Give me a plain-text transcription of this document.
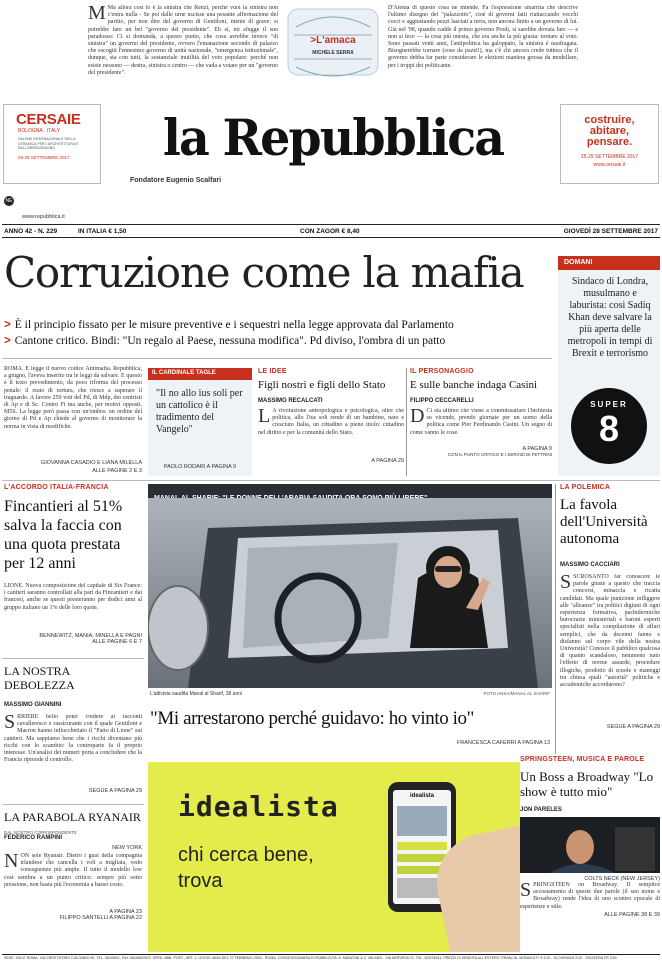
M Ma allora cosí lo è la sinistra che Renzi, perché vuoi la sinistra non c'entra nulla - Se poi dalle urne uscisse una pesante affermazione del partito, per non dire del governo di Gentiloni, niente di grave: si potrebbe fare un bel "governo del presidente". Eh sí, mi sfugge il suo paradosso: Ci si domanda, a questo punto, che cosa avrebbe invece "di sinistra" un governo del presidente, ovvero l'emanazione secondo di palazzo che escogiti l'ennesimo governo di unità nazionale, "emergenza istituzionale", dunque, sta con tutti, la sostanziale inutilità del voto popolare: perché non esiste nessuno — destra, sinistra o centro — che vada a votare per un "governo del presidente".
>L'amaca
MICHELE SERRA
D'Alema di questo cosa ne intende. Fa l'espressione smarrita che descrive l'ultimo disegno dei "palazzotto", cioè di governi fatti riattaccando vecchi cocci e aggiustando pezzi lasciati a terra, non ancora finito a un governo di lui. Già nel '98, quando cadde il primo governo Prodi, si sarebbe dovuta fare — e non si fece — la cosa più onesta, che era anche la più giusta: tornare al voto. Sono passati venti anni, l'antipolitica ha galoppato, la sinistra è naufragata. Bisognerebbe tornare (cose da pazzi!), ma c'è chi ancora crede tuttora che il governo debba far parte considerare le elezioni maniera grossa da modellare, per i troppi dei politicante.
CERSAIE
BOLOGNA · ITALY
SALONE INTERNAZIONALE DELLA CERAMICA PER L'ARCHITETTURA E DELL'ARREDOBAGNO
25-29 SETTEMBRE 2017	la Repubblica
Fondatore Eugenio Scalfari
NE
costruire,
abitare,
pensare.
25-29 SETTEMBRE 2017
www.cersaie.it
www.repubblica.it
ANNO 42 - N. 229	IN ITALIA € 1,50	CON ZAGOR € 8,40	GIOVEDÌ 28 SETTEMBRE 2017
Corruzione come la mafia
> È il principio fissato per le misure preventive e i sequestri nella legge approvata dal Parlamento
> Cantone critico. Bindi: "Un regalo al Paese, nessuna modifica". Pd diviso, l'ombra di un patto
ROMA. È legge il nuovo codice Antimafia. Repubblica, a giugno, l'aveva inserito tra le leggi da salvare. E questo è il testo prevedimento, da poco riforma del processo penale: il reato di tortura, che riesce a superare il traguardo. A favore 259 voti del Pd, di Mdp, dei centristi di Ap e di Sc. Contro Fi ma anche, per motivi opposti, M5S. La legge però passa con un'ombra: un ordine del giorno di Pd e Ap chiede al governo di monitorare la norma in vista di modifiche.
GIOVANNA CASADIO E LIANA MILELLA
ALLE PAGINE 2 E 3
DOMANI
Sindaco di Londra, musulmano e laburista: così Sadiq Khan deve salvare la più aperta delle metropoli in tempi di Brexit e terrorismo
SUPER
8
IL CARDINALE TAGLE
"Il no allo ius soli per un cattolico è il tradimento del Vangelo"
PAOLO RODARI A PAGINA 9
LE IDEE
Figli nostri e figli dello Stato
MASSIMO RECALCATI
L A rivoluzione antropologica e psicologica, oltre che politica, allo l'ius soli rende di un bambino, nato e cresciuto Italia, un cittadino a pieno titolo: cittadino nel diritto e per la comunità dello Stato.
A PAGINA 29
IL PERSONAGGIO
E sulle banche indaga Casini
FILIPPO CECCARELLI
D Ci sta ultimo che viene a commissariare l'inchiesta su vicende, prendo giornate per un uomo della politica come Pier Ferdinando Casini. Un segno di come vanno le cose.
A PAGINA 9
CON IL PUNTO CRITICO E I SERVIZI DI FETTRINI
L'ACCORDO ITALIA-FRANCIA
Fincantieri al 51% salva la faccia con una quota prestata per 12 anni
LIONE. Nuova composizione del capitale di Stx France: i cantieri saranno controllati alla pari da Fincantieri e dai francesi, anche se questi presteranno per dodici anni al gruppo italiano un 1% delle loro quote.
BENNEWITZ, MANIA, MINELLA E PAGNI
ALLE PAGINE 6 E 7
LA NOSTRA DEBOLEZZA
MASSIMO GIANNINI
SRRIERE bello poter credere ai racconti cavalleresco e rassicurante con il quale Gentiloni e Macron hanno infiocchettato il "Patto di Lione" sui cantieri. Ma sappiamo bene che i ricchi diventano più ricchi con lo scambio: la controparte fa il proprio interesse. Un'analisi dei numeri porta a concludere che la Francia riprende il controllo.
SEGUE A PAGINA 29
LA PARABOLA RYANAIR
DAL NOSTRO CORRISPONDENTE
FEDERICO RAMPINI
NEW YORK
NON sole Ryanair. Dietro i guai della compagnia irlandese che cancella i voli a migliaia, vedo conseguenze più ampie. Il tutto il modello low cost sembra a un punto critico: sempre più sotto pressione, non basta più l'economia a basso costo.
A PAGINA 23
FILIPPO SANTELLI A PAGINA 22
L'attivista saudita Manal al Sharif, 38 anni	FOTO ANSA/MANAL AL SHARIF
"Mi arrestarono perché guidavo: ho vinto io"
FRANCESCA CAFERRI A PAGINA 13
LA POLEMICA
La favola dell'Università autonoma
MASSIMO CACCIARI
SSCROSANTO far conoscere le parole giuste a questo che traccia concorsi, minaccia e ricatta candidati. Ma quale punizione infliggere alle "alleanze" tra politici digiuni di ogni esperienza formativa, pachidermiche burocrazie ministeriali e baroni esperti specialisti nella compilazione di affari semplici, che da decenni fanno e disfanno sul corpo vile della nostra Università? Conosce il pubblico qualcosa di quanto scandaloso, nemmeno nato l'effetto di norme assurde, procedure illogiche, prodotto di scuole e maneggi tra chiesa quali "autorità" politiche e accademiche accordarono?
SEGUE A PAGINA 29
idealista
chi cerca bene,
trova
idealista
SPRINGSTEEN, MUSICA E PAROLE
Un Boss a Broadway "Lo show è tutto mio"
JON PARELES
COLTS NECK (NEW JERSEY)
SPRINGSTEEN on Broadway. Il semplice accostamento di queste due parole (il suo nome e Broadway) rende l'idea di uno scontro epocale di esperienze e stile.
ALLE PAGINE 38 E 39
SEDE: 00147 ROMA, VIA CRISTOFORO COLOMBO 90, TEL. 06/49821, FAX 06/49822923. SPED. ABB. POST., ART. 1, LEGGE 46/04 DEL 27 FEBBRAIO 2004 - ROMA. CONCESSIONARIA DI PUBBLICITÀ: A. MANZONI & C. MILANO - VIA NERVESA 21, TEL. 02/574941. PREZZI DI VENDITA ALL'ESTERO: FRANCIA, MONACO P. € 3,00 - SLOVENIA € 2,00 - SVIZZERA FR 3,50
